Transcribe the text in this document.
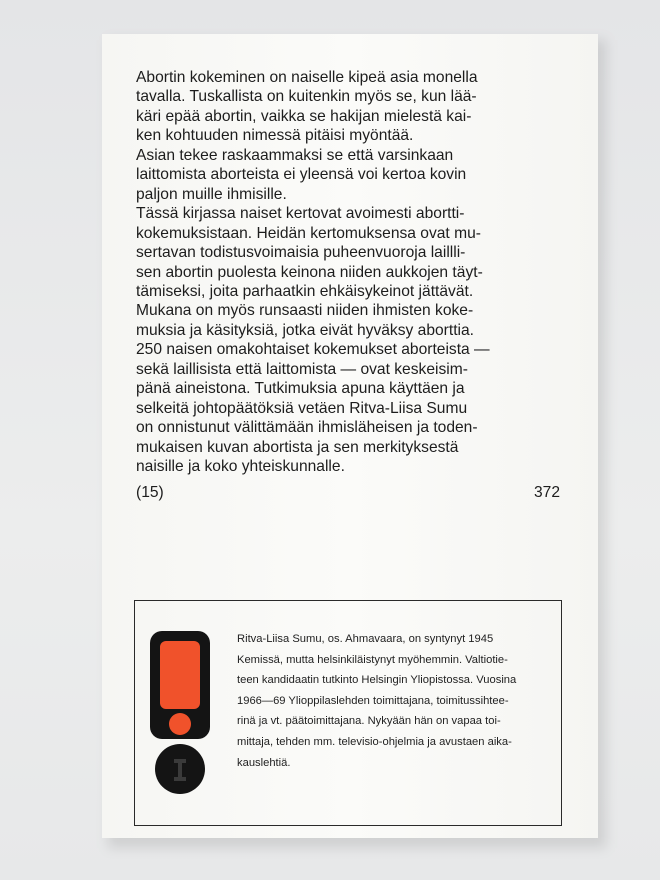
Abortin kokeminen on naiselle kipeä asia monella
tavalla. Tuskallista on kuitenkin myös se, kun lää-
käri epää abortin, vaikka se hakijan mielestä kai-
ken kohtuuden nimessä pitäisi myöntää.

Asian tekee raskaammaksi se että varsinkaan
laittomista aborteista ei yleensä voi kertoa kovin
paljon muille ihmisille.

Tässä kirjassa naiset kertovat avoimesti abortti-
kokemuksistaan. Heidän kertomuksensa ovat mu-
sertavan todistusvoimaisia puheenvuoroja laillli-
sen abortin puolesta keinona niiden aukkojen täyt-
tämiseksi, joita parhaatkin ehkäisykeinot jättävät.

Mukana on myös runsaasti niiden ihmisten koke-
muksia ja käsityksiä, jotka eivät hyväksy aborttia.

250 naisen omakohtaiset kokemukset aborteista —
sekä laillisista että laittomista — ovat keskeisim-
pänä aineistona. Tutkimuksia apuna käyttäen ja
selkeitä johtopäätöksiä vetäen Ritva-Liisa Sumu
on onnistunut välittämään ihmisläheisen ja toden-
mukaisen kuvan abortista ja sen merkityksestä
naisille ja koko yhteiskunnalle.

(15)	372
Ritva-Liisa Sumu, os. Ahmavaara, on syntynyt 1945
Kemissä, mutta helsinkiläistynyt myöhemmin. Valtiotie-
teen kandidaatin tutkinto Helsingin Yliopistossa. Vuosina
1966—69 Ylioppilaslehden toimittajana, toimitussihtee-
rinä ja vt. päätoimittajana. Nykyään hän on vapaa toi-
mittaja, tehden mm. televisio-ohjelmia ja avustaen aika-
kauslehtiä.
